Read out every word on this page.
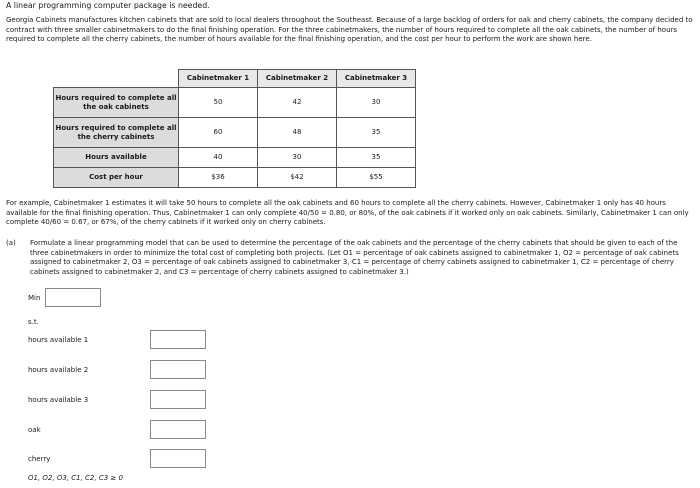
A linear programming computer package is needed.
Georgia Cabinets manufactures kitchen cabinets that are sold to local dealers throughout the Southeast. Because of a large backlog of orders for oak and cherry cabinets, the company decided to contract with three smaller cabinetmakers to do the final finishing operation. For the three cabinetmakers, the number of hours required to complete all the oak cabinets, the number of hours required to complete all the cherry cabinets, the number of hours available for the final finishing operation, and the cost per hour to perform the work are shown here.
	Cabinetmaker 1	Cabinetmaker 2	Cabinetmaker 3
Hours required to complete all the oak cabinets	50	42	30
Hours required to complete all the cherry cabinets	60	48	35
Hours available	40	30	35
Cost per hour	$36	$42	$55
For example, Cabinetmaker 1 estimates it will take 50 hours to complete all the oak cabinets and 60 hours to complete all the cherry cabinets. However, Cabinetmaker 1 only has 40 hours available for the final finishing operation. Thus, Cabinetmaker 1 can only complete 40/50 = 0.80, or 80%, of the oak cabinets if it worked only on oak cabinets. Similarly, Cabinetmaker 1 can only complete 40/60 = 0.67, or 67%, of the cherry cabinets if it worked only on cherry cabinets.
(a)	Formulate a linear programming model that can be used to determine the percentage of the oak cabinets and the percentage of the cherry cabinets that should be given to each of the three cabinetmakers in order to minimize the total cost of completing both projects. (Let O1 = percentage of oak cabinets assigned to cabinetmaker 1, O2 = percentage of oak cabinets assigned to cabinetmaker 2, O3 = percentage of oak cabinets assigned to cabinetmaker 3, C1 = percentage of cherry cabinets assigned to cabinetmaker 1, C2 = percentage of cherry cabinets assigned to cabinetmaker 2, and C3 = percentage of cherry cabinets assigned to cabinetmaker 3.)
Min
s.t.
hours available 1
hours available 2
hours available 3
oak
cherry
O1, O2, O3, C1, C2, C3 ≥ 0
